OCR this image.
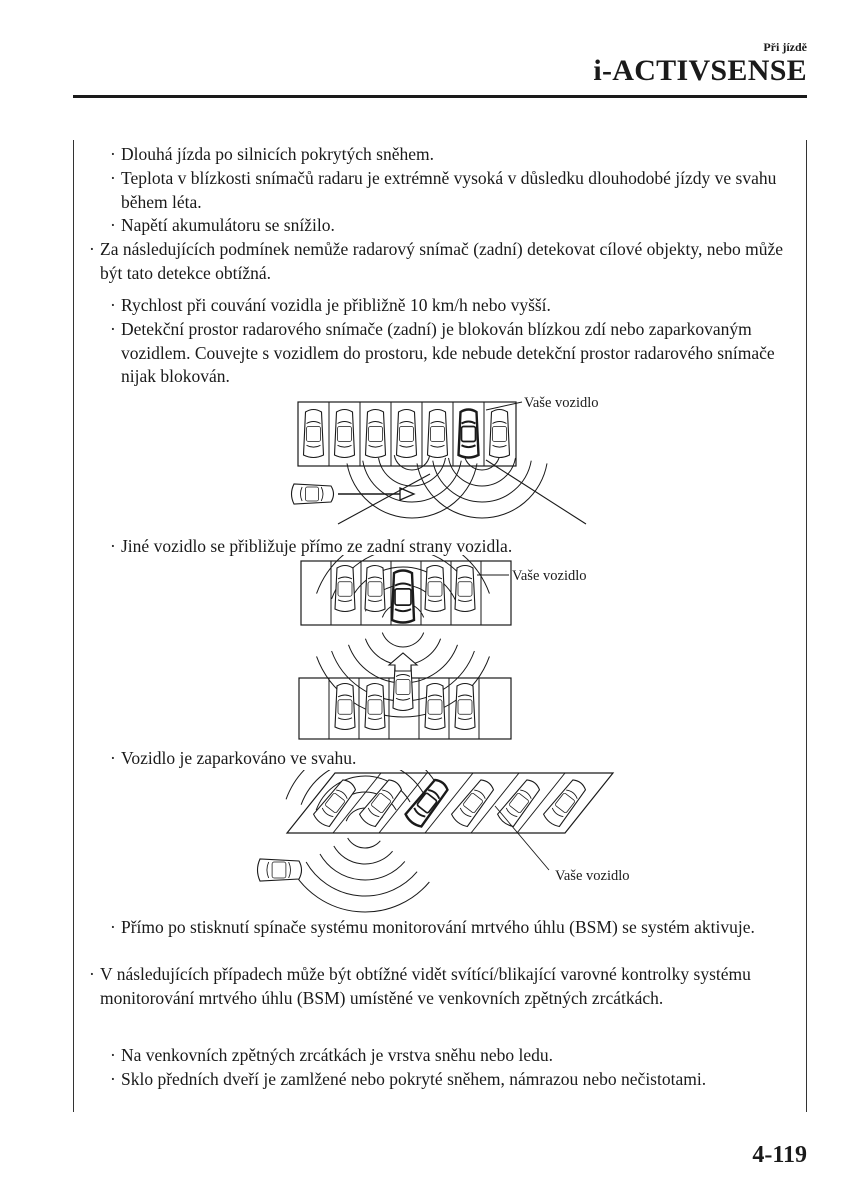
Při jízdě
i-ACTIVSENSE
· Dlouhá jízda po silnicích pokrytých sněhem.
· Teplota v blízkosti snímačů radaru je extrémně vysoká v důsledku dlouhodobé jízdy ve svahu během léta.
· Napětí akumulátoru se snížilo.
· Za následujících podmínek nemůže radarový snímač (zadní) detekovat cílové objekty, nebo může být tato detekce obtížná.
· Rychlost při couvání vozidla je přibližně 10 km/h nebo vyšší.
· Detekční prostor radarového snímače (zadní) je blokován blízkou zdí nebo zaparkovaným vozidlem. Couvejte s vozidlem do prostoru, kde nebude detekční prostor radarového snímače nijak blokován.
· Jiné vozidlo se přibližuje přímo ze zadní strany vozidla.
· Vozidlo je zaparkováno ve svahu.
· Přímo po stisknutí spínače systému monitorování mrtvého úhlu (BSM) se systém aktivuje.
· V následujících případech může být obtížné vidět svítící/blikající varovné kontrolky systému monitorování mrtvého úhlu (BSM) umístěné ve venkovních zpětných zrcátkách.
· Na venkovních zpětných zrcátkách je vrstva sněhu nebo ledu.
· Sklo předních dveří je zamlžené nebo pokryté sněhem, námrazou nebo nečistotami.
Vaše vozidlo
Vaše vozidlo
Vaše vozidlo
4-119
